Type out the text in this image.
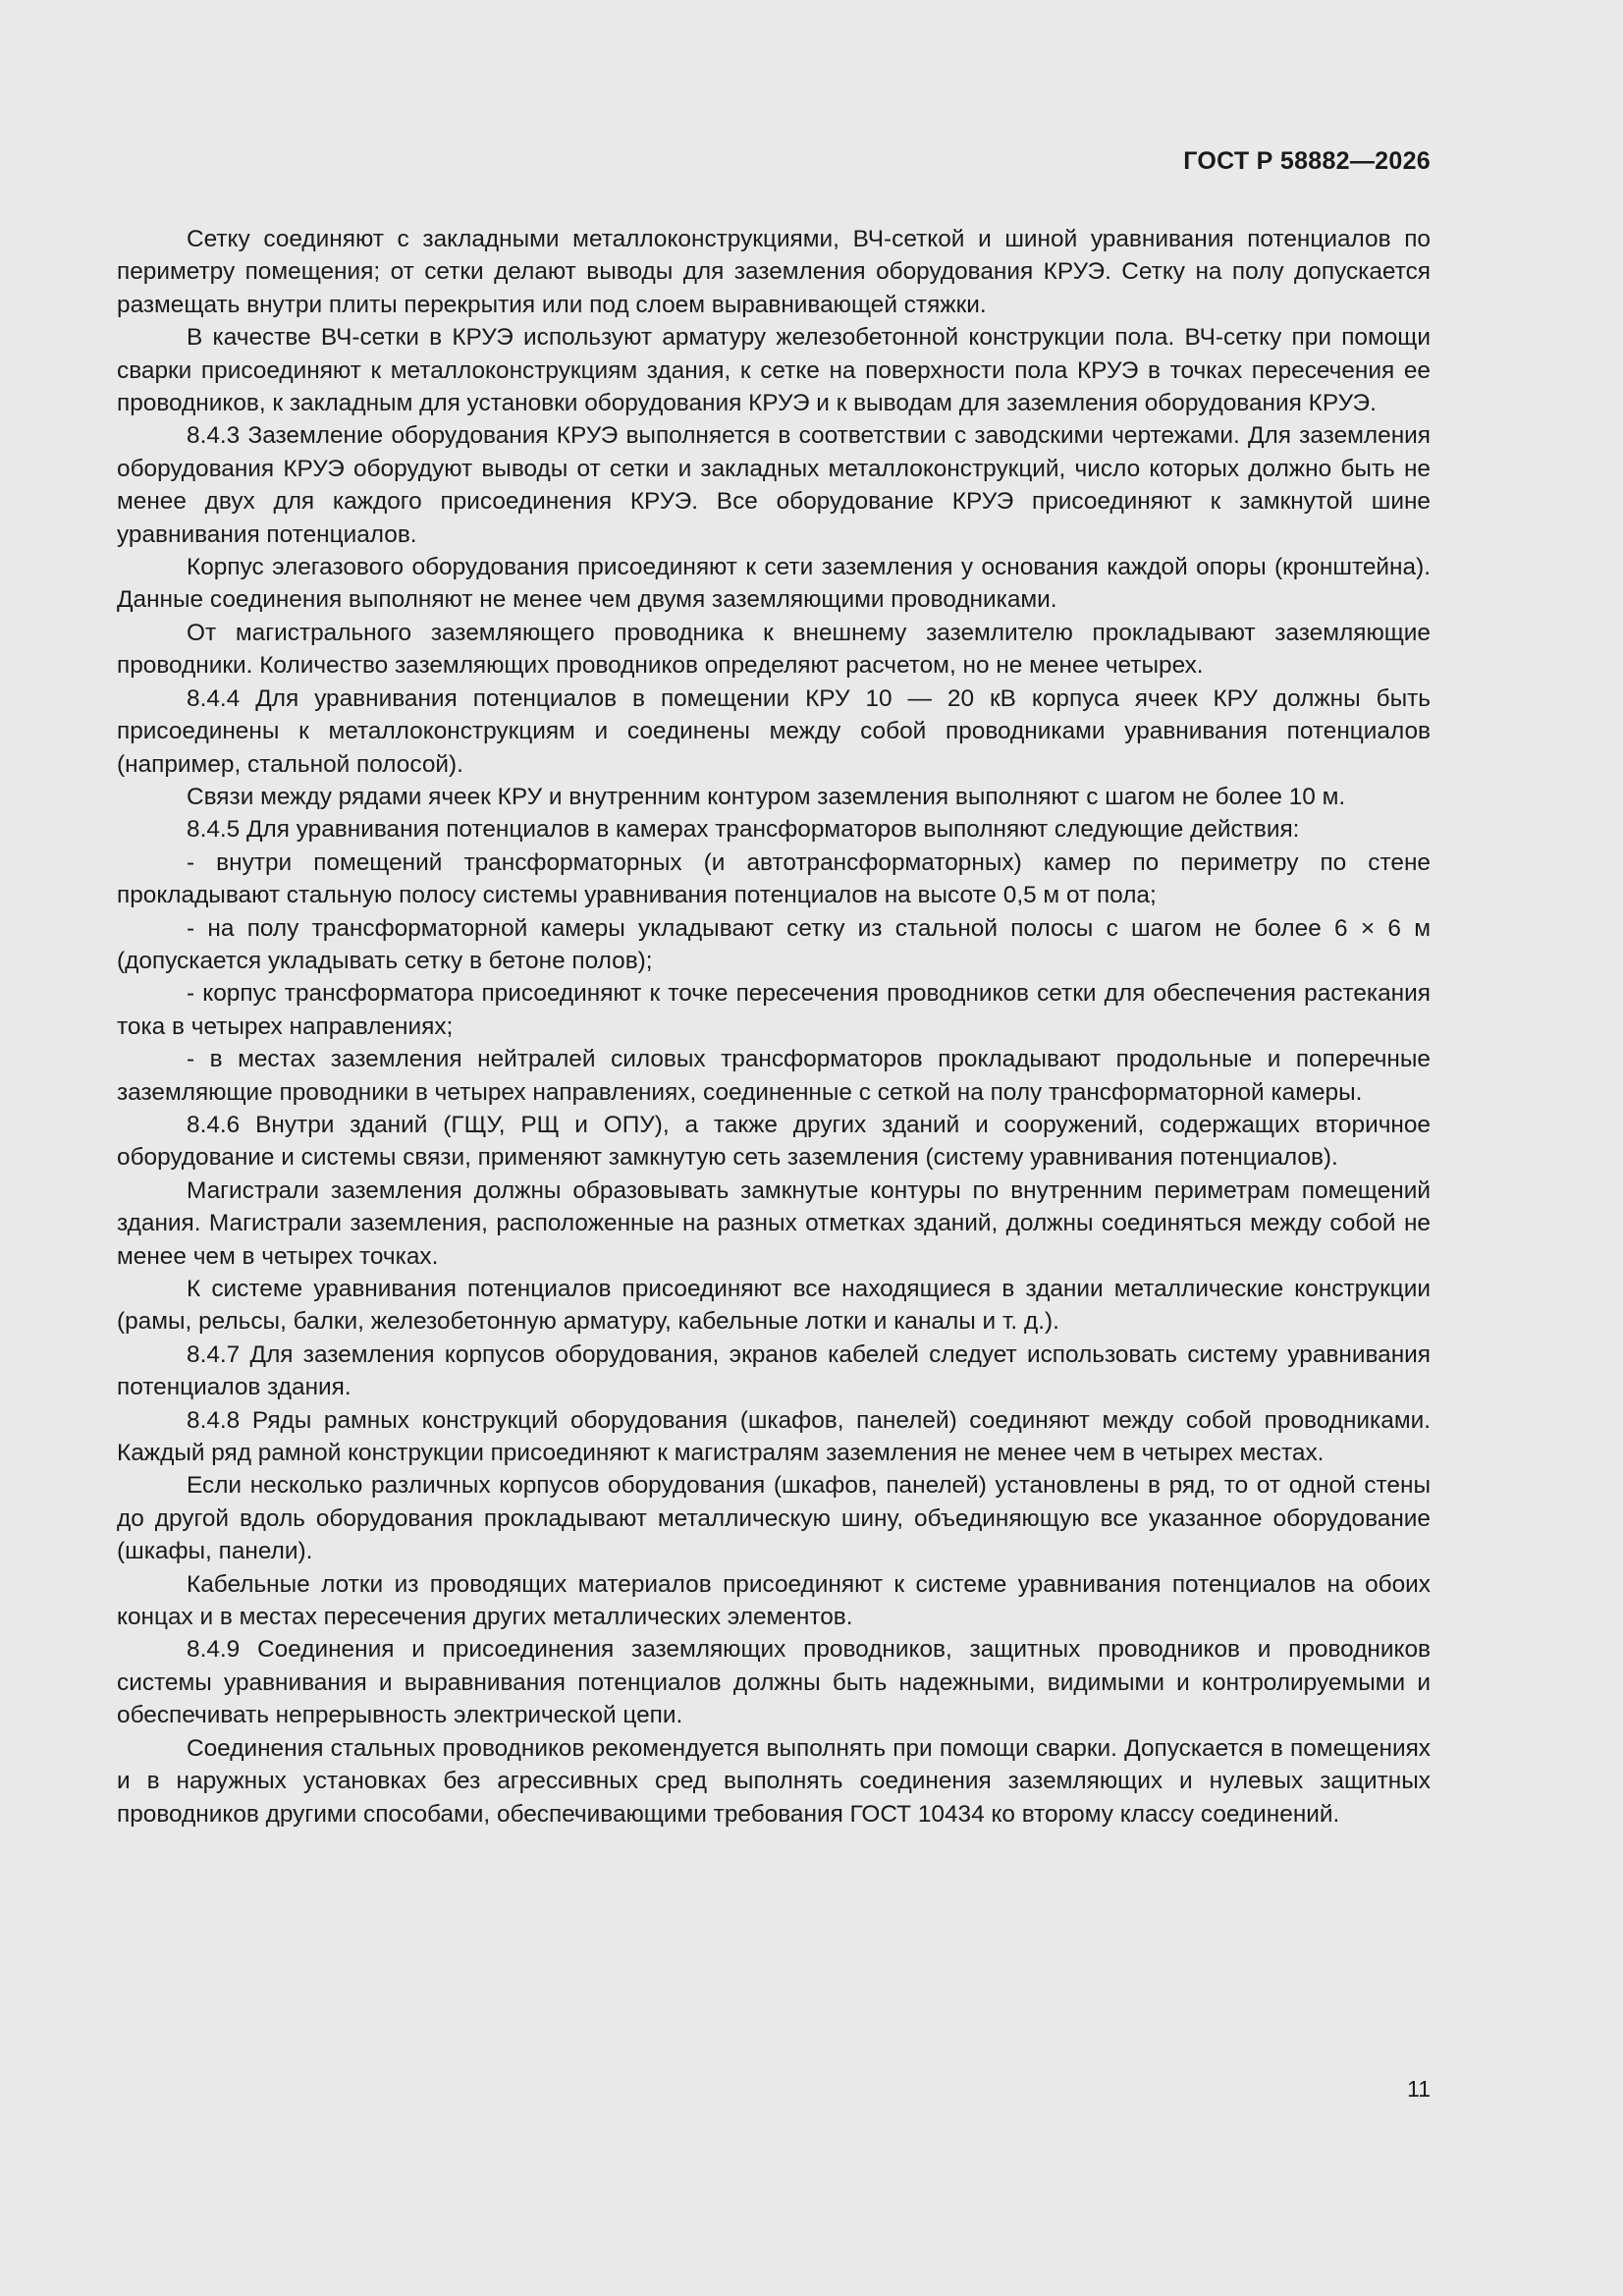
ГОСТ Р 58882—2026

Сетку соединяют с закладными металлоконструкциями, ВЧ-сеткой и шиной уравнивания потенциалов по периметру помещения; от сетки делают выводы для заземления оборудования КРУЭ. Сетку на полу допускается размещать внутри плиты перекрытия или под слоем выравнивающей стяжки.

В качестве ВЧ-сетки в КРУЭ используют арматуру железобетонной конструкции пола. ВЧ-сетку при помощи сварки присоединяют к металлоконструкциям здания, к сетке на поверхности пола КРУЭ в точках пересечения ее проводников, к закладным для установки оборудования КРУЭ и к выводам для заземления оборудования КРУЭ.

8.4.3 Заземление оборудования КРУЭ выполняется в соответствии с заводскими чертежами. Для заземления оборудования КРУЭ оборудуют выводы от сетки и закладных металлоконструкций, число которых должно быть не менее двух для каждого присоединения КРУЭ. Все оборудование КРУЭ присоединяют к замкнутой шине уравнивания потенциалов.

Корпус элегазового оборудования присоединяют к сети заземления у основания каждой опоры (кронштейна). Данные соединения выполняют не менее чем двумя заземляющими проводниками.

От магистрального заземляющего проводника к внешнему заземлителю прокладывают заземляющие проводники. Количество заземляющих проводников определяют расчетом, но не менее четырех.

8.4.4 Для уравнивания потенциалов в помещении КРУ 10 — 20 кВ корпуса ячеек КРУ должны быть присоединены к металлоконструкциям и соединены между собой проводниками уравнивания потенциалов (например, стальной полосой).

Связи между рядами ячеек КРУ и внутренним контуром заземления выполняют с шагом не более 10 м.

8.4.5 Для уравнивания потенциалов в камерах трансформаторов выполняют следующие действия:

- внутри помещений трансформаторных (и автотрансформаторных) камер по периметру по стене прокладывают стальную полосу системы уравнивания потенциалов на высоте 0,5 м от пола;

- на полу трансформаторной камеры укладывают сетку из стальной полосы с шагом не более 6 × 6 м (допускается укладывать сетку в бетоне полов);

- корпус трансформатора присоединяют к точке пересечения проводников сетки для обеспечения растекания тока в четырех направлениях;

- в местах заземления нейтралей силовых трансформаторов прокладывают продольные и поперечные заземляющие проводники в четырех направлениях, соединенные с сеткой на полу трансформаторной камеры.

8.4.6 Внутри зданий (ГЩУ, РЩ и ОПУ), а также других зданий и сооружений, содержащих вторичное оборудование и системы связи, применяют замкнутую сеть заземления (систему уравнивания потенциалов).

Магистрали заземления должны образовывать замкнутые контуры по внутренним периметрам помещений здания. Магистрали заземления, расположенные на разных отметках зданий, должны соединяться между собой не менее чем в четырех точках.

К системе уравнивания потенциалов присоединяют все находящиеся в здании металлические конструкции (рамы, рельсы, балки, железобетонную арматуру, кабельные лотки и каналы и т. д.).

8.4.7 Для заземления корпусов оборудования, экранов кабелей следует использовать систему уравнивания потенциалов здания.

8.4.8 Ряды рамных конструкций оборудования (шкафов, панелей) соединяют между собой проводниками. Каждый ряд рамной конструкции присоединяют к магистралям заземления не менее чем в четырех местах.

Если несколько различных корпусов оборудования (шкафов, панелей) установлены в ряд, то от одной стены до другой вдоль оборудования прокладывают металлическую шину, объединяющую все указанное оборудование (шкафы, панели).

Кабельные лотки из проводящих материалов присоединяют к системе уравнивания потенциалов на обоих концах и в местах пересечения других металлических элементов.

8.4.9 Соединения и присоединения заземляющих проводников, защитных проводников и проводников системы уравнивания и выравнивания потенциалов должны быть надежными, видимыми и контролируемыми и обеспечивать непрерывность электрической цепи.

Соединения стальных проводников рекомендуется выполнять при помощи сварки. Допускается в помещениях и в наружных установках без агрессивных сред выполнять соединения заземляющих и нулевых защитных проводников другими способами, обеспечивающими требования ГОСТ 10434 ко второму классу соединений.

11
